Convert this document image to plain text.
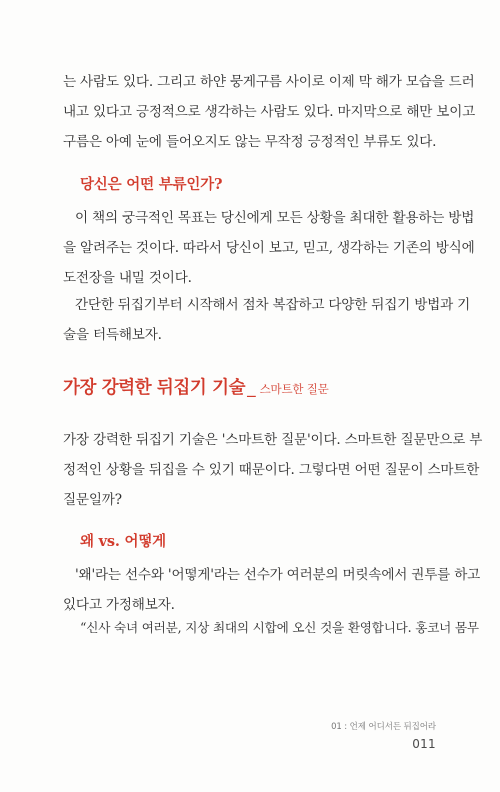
는 사람도 있다. 그리고 하얀 뭉게구름 사이로 이제 막 해가 모습을 드러
내고 있다고 긍정적으로 생각하는 사람도 있다. 마지막으로 해만 보이고
구름은 아예 눈에 들어오지도 않는 무작정 긍정적인 부류도 있다.
당신은 어떤 부류인가?
이 책의 궁극적인 목표는 당신에게 모든 상황을 최대한 활용하는 방법
을 알려주는 것이다. 따라서 당신이 보고, 믿고, 생각하는 기존의 방식에
도전장을 내밀 것이다.
간단한 뒤집기부터 시작해서 점차 복잡하고 다양한 뒤집기 방법과 기
술을 터득해보자.
가장 강력한 뒤집기 기술 _ 스마트한 질문
가장 강력한 뒤집기 기술은 '스마트한 질문'이다. 스마트한 질문만으로 부
정적인 상황을 뒤집을 수 있기 때문이다. 그렇다면 어떤 질문이 스마트한
질문일까?
왜 vs. 어떻게
'왜'라는 선수와 '어떻게'라는 선수가 여러분의 머릿속에서 권투를 하고
있다고 가정해보자.

“신사 숙녀 여러분, 지상 최대의 시합에 오신 것을 환영합니다. 홍코너 몸무

01 : 언제 어디서든 뒤집어라
011
